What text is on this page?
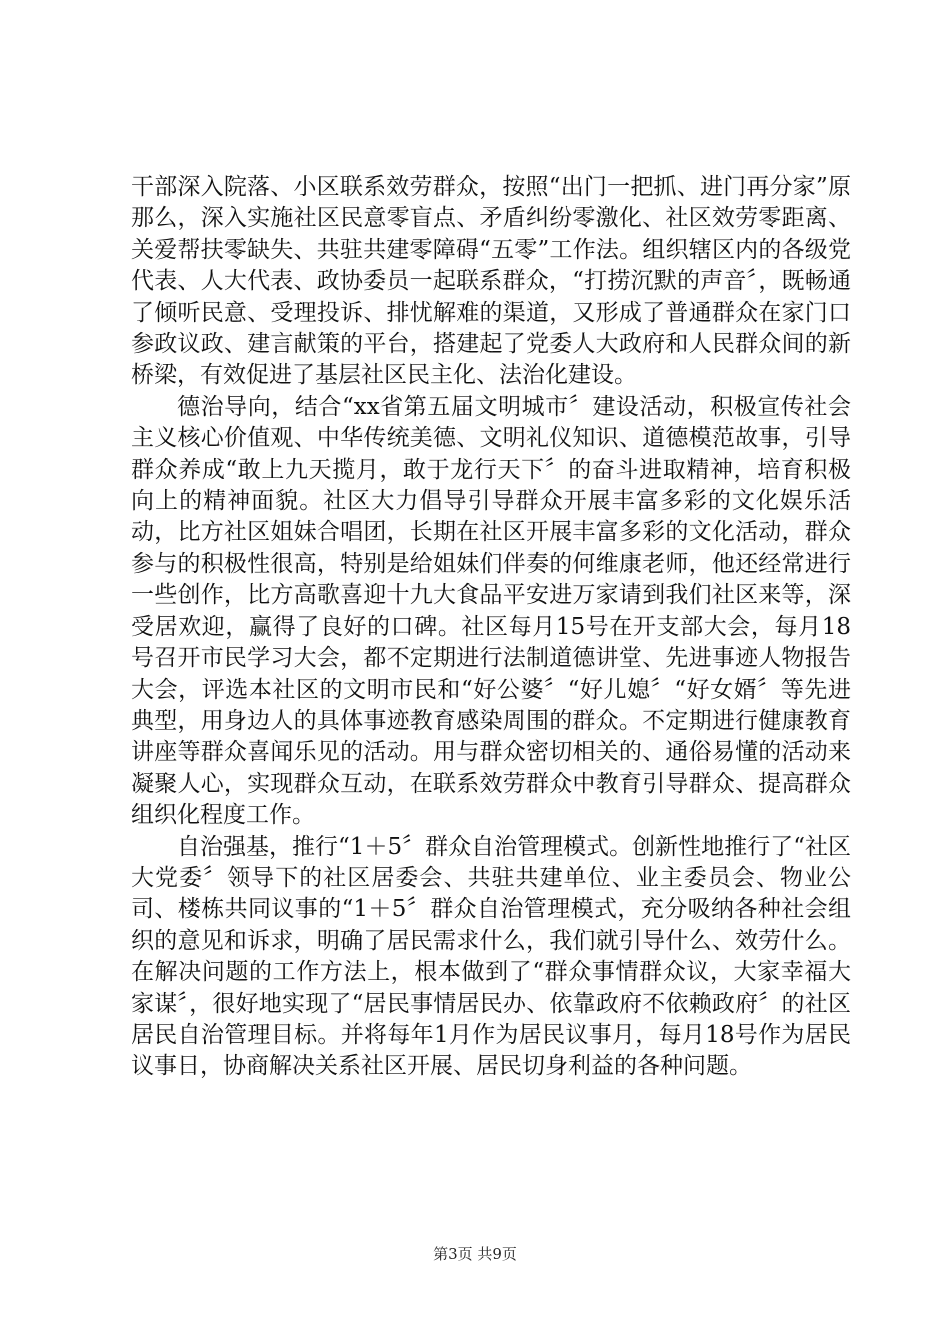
干部深入院落、小区联系效劳群众，按照“出门一把抓、进门再分家”原那么，深入实施社区民意零盲点、矛盾纠纷零激化、社区效劳零距离、关爱帮扶零缺失、共驻共建零障碍“五零”工作法。组织辖区内的各级党代表、人大代表、政协委员一起联系群众，“打捞沉默的声音〞，既畅通了倾听民意、受理投诉、排忧解难的渠道，又形成了普通群众在家门口参政议政、建言献策的平台，搭建起了党委人大政府和人民群众间的新桥梁，有效促进了基层社区民主化、法治化建设。

德治导向，结合“xx省第五届文明城市〞建设活动，积极宣传社会主义核心价值观、中华传统美德、文明礼仪知识、道德模范故事，引导群众养成“敢上九天揽月，敢于龙行天下〞的奋斗进取精神，培育积极向上的精神面貌。社区大力倡导引导群众开展丰富多彩的文化娱乐活动，比方社区姐妹合唱团，长期在社区开展丰富多彩的文化活动，群众参与的积极性很高，特别是给姐妹们伴奏的何维康老师，他还经常进行一些创作，比方高歌喜迎十九大食品平安进万家请到我们社区来等，深受居欢迎，赢得了良好的口碑。社区每月15号在开支部大会，每月18号召开市民学习大会，都不定期进行法制道德讲堂、先进事迹人物报告大会，评选本社区的文明市民和“好公婆〞“好儿媳〞“好女婿〞等先进典型，用身边人的具体事迹教育感染周围的群众。不定期进行健康教育讲座等群众喜闻乐见的活动。用与群众密切相关的、通俗易懂的活动来凝聚人心，实现群众互动，在联系效劳群众中教育引导群众、提高群众组织化程度工作。

自治强基，推行“1＋5〞群众自治管理模式。创新性地推行了“社区大党委〞领导下的社区居委会、共驻共建单位、业主委员会、物业公司、楼栋共同议事的“1＋5〞群众自治管理模式，充分吸纳各种社会组织的意见和诉求，明确了居民需求什么，我们就引导什么、效劳什么。在解决问题的工作方法上，根本做到了“群众事情群众议，大家幸福大家谋〞，很好地实现了“居民事情居民办、依靠政府不依赖政府〞的社区居民自治管理目标。并将每年1月作为居民议事月，每月18号作为居民议事日，协商解决关系社区开展、居民切身利益的各种问题。

第3页 共9页
